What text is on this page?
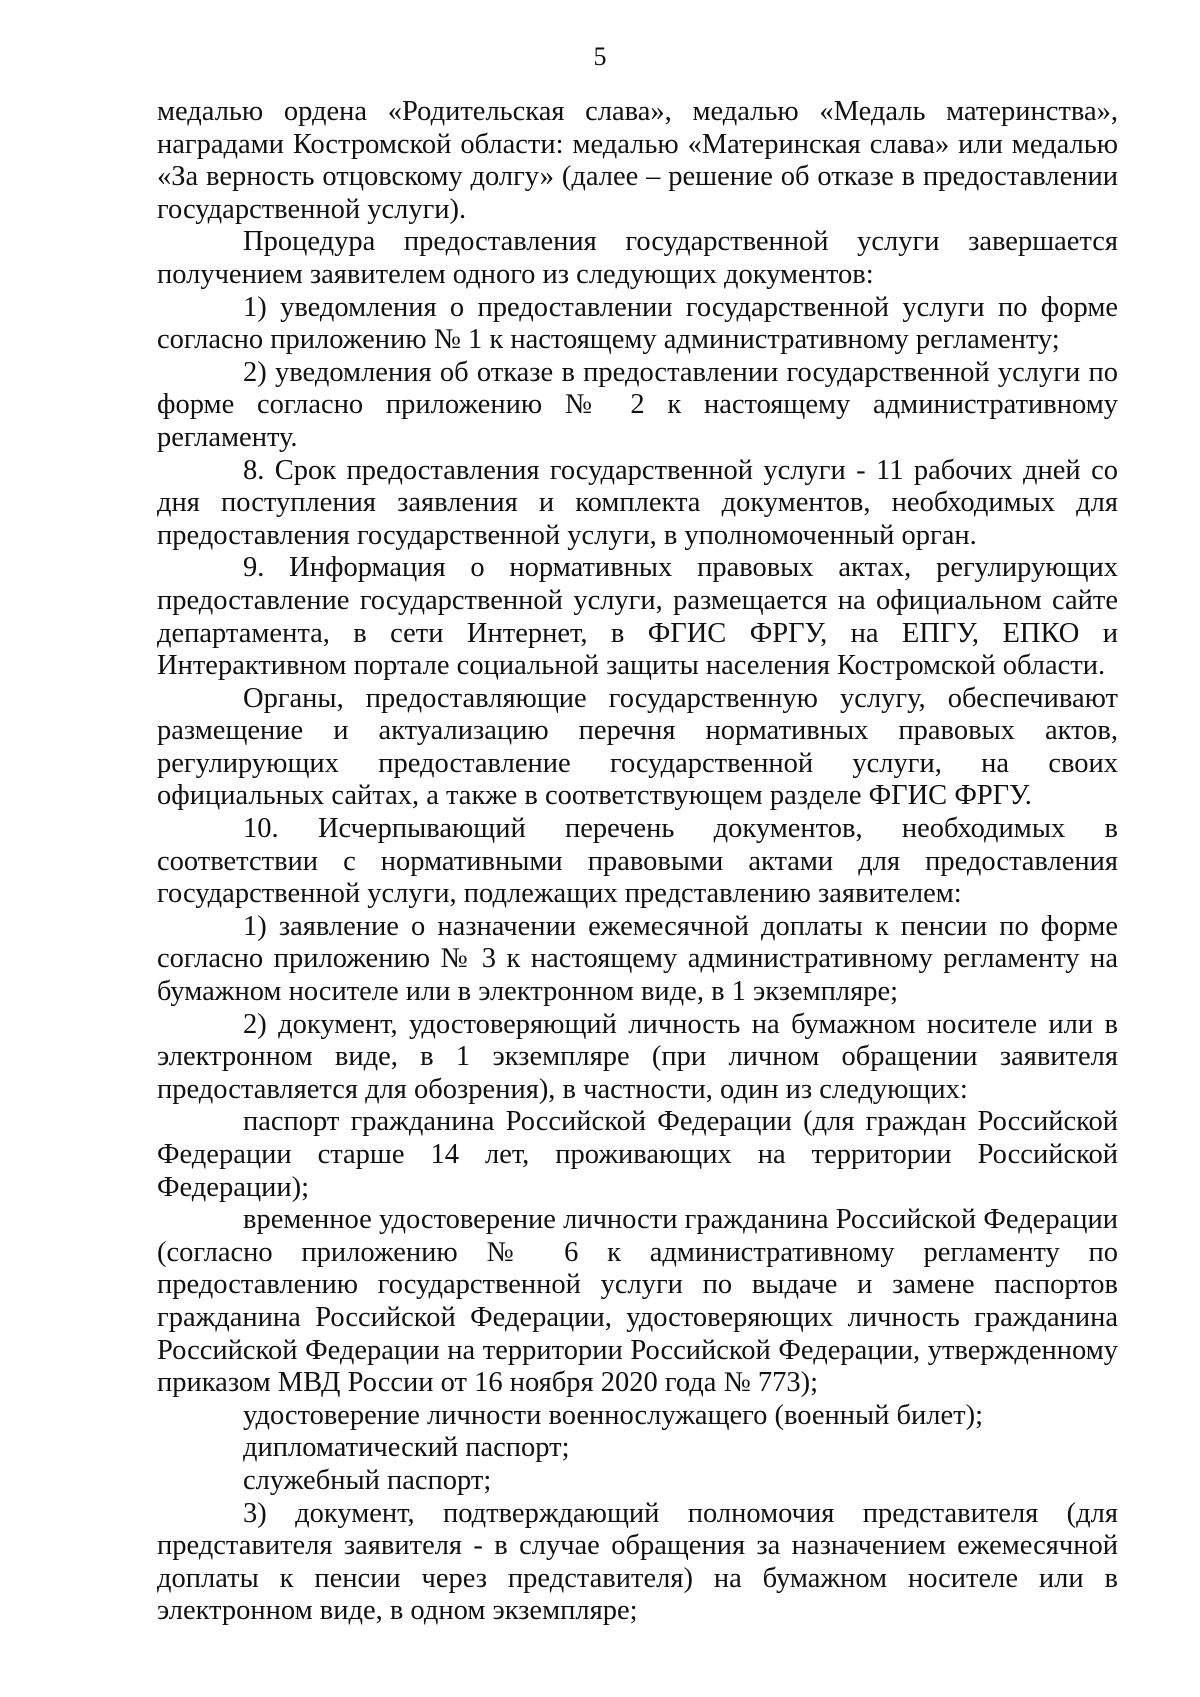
5

медалью ордена «Родительская слава», медалью «Медаль материнства», наградами Костромской области: медалью «Материнская слава» или медалью «За верность отцовскому долгу» (далее – решение об отказе в предоставлении государственной услуги).

Процедура предоставления государственной услуги завершается получением заявителем одного из следующих документов:

1) уведомления о предоставлении государственной услуги по форме согласно приложению № 1 к настоящему административному регламенту;

2) уведомления об отказе в предоставлении государственной услуги по форме согласно приложению № 2 к настоящему административному регламенту.

8. Срок предоставления государственной услуги - 11 рабочих дней со дня поступления заявления и комплекта документов, необходимых для предоставления государственной услуги, в уполномоченный орган.

9. Информация о нормативных правовых актах, регулирующих предоставление государственной услуги, размещается на официальном сайте департамента, в сети Интернет, в ФГИС ФРГУ, на ЕПГУ, ЕПКО и Интерактивном портале социальной защиты населения Костромской области.

Органы, предоставляющие государственную услугу, обеспечивают размещение и актуализацию перечня нормативных правовых актов, регулирующих предоставление государственной услуги, на своих официальных сайтах, а также в соответствующем разделе ФГИС ФРГУ.

10. Исчерпывающий перечень документов, необходимых в соответствии с нормативными правовыми актами для предоставления государственной услуги, подлежащих представлению заявителем:

1) заявление о назначении ежемесячной доплаты к пенсии по форме согласно приложению № 3 к настоящему административному регламенту на бумажном носителе или в электронном виде, в 1 экземпляре;

2) документ, удостоверяющий личность на бумажном носителе или в электронном виде, в 1 экземпляре (при личном обращении заявителя предоставляется для обозрения), в частности, один из следующих:

паспорт гражданина Российской Федерации (для граждан Российской Федерации старше 14 лет, проживающих на территории Российской Федерации);

временное удостоверение личности гражданина Российской Федерации (согласно приложению № 6 к административному регламенту по предоставлению государственной услуги по выдаче и замене паспортов гражданина Российской Федерации, удостоверяющих личность гражданина Российской Федерации на территории Российской Федерации, утвержденному приказом МВД России от 16 ноября 2020 года № 773);

удостоверение личности военнослужащего (военный билет);

дипломатический паспорт;

служебный паспорт;

3) документ, подтверждающий полномочия представителя (для представителя заявителя - в случае обращения за назначением ежемесячной доплаты к пенсии через представителя) на бумажном носителе или в электронном виде, в одном экземпляре;
